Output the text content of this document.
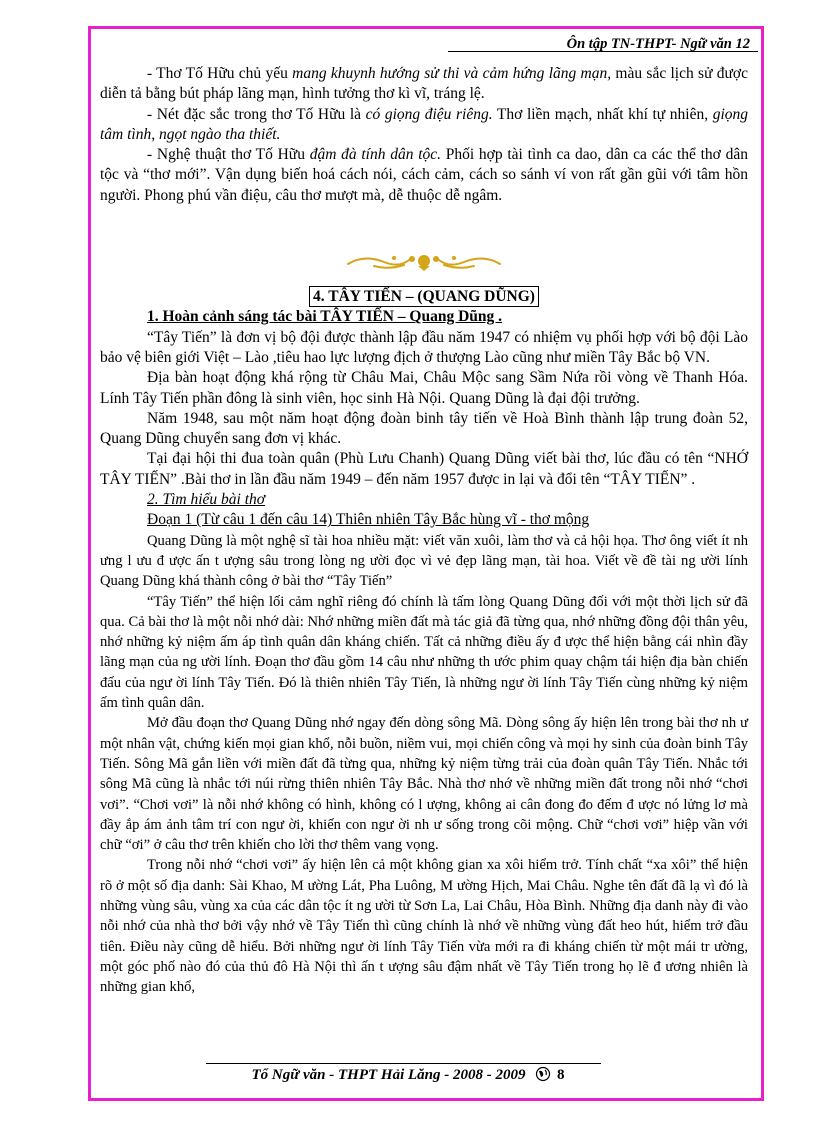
Ôn tập TN-THPT- Ngữ văn 12

- Thơ Tố Hữu chủ yếu mang khuynh hướng sử thi và cảm hứng lãng mạn, màu sắc lịch sử được diễn tả bằng bút pháp lãng mạn, hình tưởng thơ kì vĩ, tráng lệ.

- Nét đặc sắc trong thơ Tố Hữu là có giọng điệu riêng. Thơ liền mạch, nhất khí tự nhiên, giọng tâm tình, ngọt ngào tha thiết.

- Nghệ thuật thơ Tố Hữu đậm đà tính dân tộc. Phối hợp tài tình ca dao, dân ca các thể thơ dân tộc và “thơ mới”. Vận dụng biến hoá cách nói, cách cảm, cách so sánh ví von rất gần gũi với tâm hồn người. Phong phú vần điệu, câu thơ mượt mà, dễ thuộc dễ ngâm.

4. TÂY TIẾN – (QUANG DŨNG)

1. Hoàn cảnh sáng tác bài TÂY TIẾN – Quang Dũng .

“Tây Tiến” là đơn vị bộ đội được thành lập đầu năm 1947 có nhiệm vụ phối hợp với bộ đội Lào bảo vệ biên giới Việt – Lào ,tiêu hao lực lượng địch ở thượng Lào cũng như miền Tây Bắc bộ VN.

Địa bàn hoạt động khá rộng từ Châu Mai, Châu Mộc sang Sầm Nứa rồi vòng về Thanh Hóa. Lính Tây Tiến phần đông là sinh viên, học sinh Hà Nội. Quang Dũng là đại đội trưởng.

Năm 1948, sau một năm hoạt động đoàn binh tây tiến về Hoà Bình thành lập trung đoàn 52, Quang Dũng chuyển sang đơn vị khác.

Tại đại hội thi đua toàn quân (Phù Lưu Chanh) Quang Dũng viết bài thơ, lúc đầu có tên “NHỚ TÂY TIẾN” .Bài thơ in lần đầu năm 1949 – đến năm 1957 được in lại và đổi tên “TÂY TIẾN” .

2. Tìm hiểu bài thơ

Đoạn 1 (Từ câu 1 đến câu 14) Thiên nhiên Tây Bắc hùng vĩ - thơ mộng

Quang Dũng là một nghệ sĩ tài hoa nhiều mặt: viết văn xuôi, làm thơ và cả hội họa. Thơ ông viết ít nh ưng l ưu đ ược ấn t ượng sâu trong lòng ng ười đọc vì vẻ đẹp lãng mạn, tài hoa. Viết về đề tài ng ười lính Quang Dũng khá thành công ở bài thơ “Tây Tiến”

“Tây Tiến” thể hiện lối cảm nghĩ riêng đó chính là tấm lòng Quang Dũng đối với một thời lịch sử đã qua. Cả bài thơ là một nỗi nhớ dài: Nhớ những miền đất mà tác giả đã từng qua, nhớ những đồng đội thân yêu, nhớ những kỷ niệm ấm áp tình quân dân kháng chiến. Tất cả những điều ấy đ ược thể hiện bằng cái nhìn đầy lãng mạn của ng ười lính. Đoạn thơ đầu gồm 14 câu như những th ước phim quay chậm tái hiện địa bàn chiến đấu của ngư ời lính Tây Tiến. Đó là thiên nhiên Tây Tiến, là những ngư ời lính Tây Tiến cùng những kỷ niệm ấm tình quân dân.

Mở đầu đoạn thơ Quang Dũng nhớ ngay đến dòng sông Mã. Dòng sông ấy hiện lên trong bài thơ nh ư một nhân vật, chứng kiến mọi gian khổ, nỗi buồn, niềm vui, mọi chiến công và mọi hy sinh của đoàn binh Tây Tiến. Sông Mã gắn liền với miền đất đã từng qua, những kỷ niệm từng trải của đoàn quân Tây Tiến. Nhắc tới sông Mã cũng là nhắc tới núi rừng thiên nhiên Tây Bắc. Nhà thơ nhớ về những miền đất trong nỗi nhớ “chơi vơi”. “Chơi vơi” là nỗi nhớ không có hình, không có l ượng, không ai cân đong đo đếm đ ược nó lửng lơ mà đầy ắp ám ảnh tâm trí con ngư ời, khiến con ngư ời nh ư sống trong cõi mộng. Chữ “chơi vơi” hiệp vần với chữ “ơi” ở câu thơ trên khiến cho lời thơ thêm vang vọng.

Trong nỗi nhớ “chơi vơi” ấy hiện lên cả một không gian xa xôi hiểm trở. Tính chất “xa xôi” thể hiện rõ ở một số địa danh: Sài Khao, M ường Lát, Pha Luông, M ường Hịch, Mai Châu. Nghe tên đất đã lạ vì đó là những vùng sâu, vùng xa của các dân tộc ít ng ười từ Sơn La, Lai Châu, Hòa Bình. Những địa danh này đi vào nỗi nhớ của nhà thơ bởi vậy nhớ về Tây Tiến thì cũng chính là nhớ về những vùng đất heo hút, hiểm trở đầu tiên. Điều này cũng dễ hiểu. Bởi những ngư ời lính Tây Tiến vừa mới ra đi kháng chiến từ một mái tr ường, một góc phố nào đó của thủ đô Hà Nội thì ấn t ượng sâu đậm nhất về Tây Tiến trong họ lẽ đ ương nhiên là những gian khổ,

Tổ Ngữ văn - THPT Hải Lăng - 2008 - 2009 8
